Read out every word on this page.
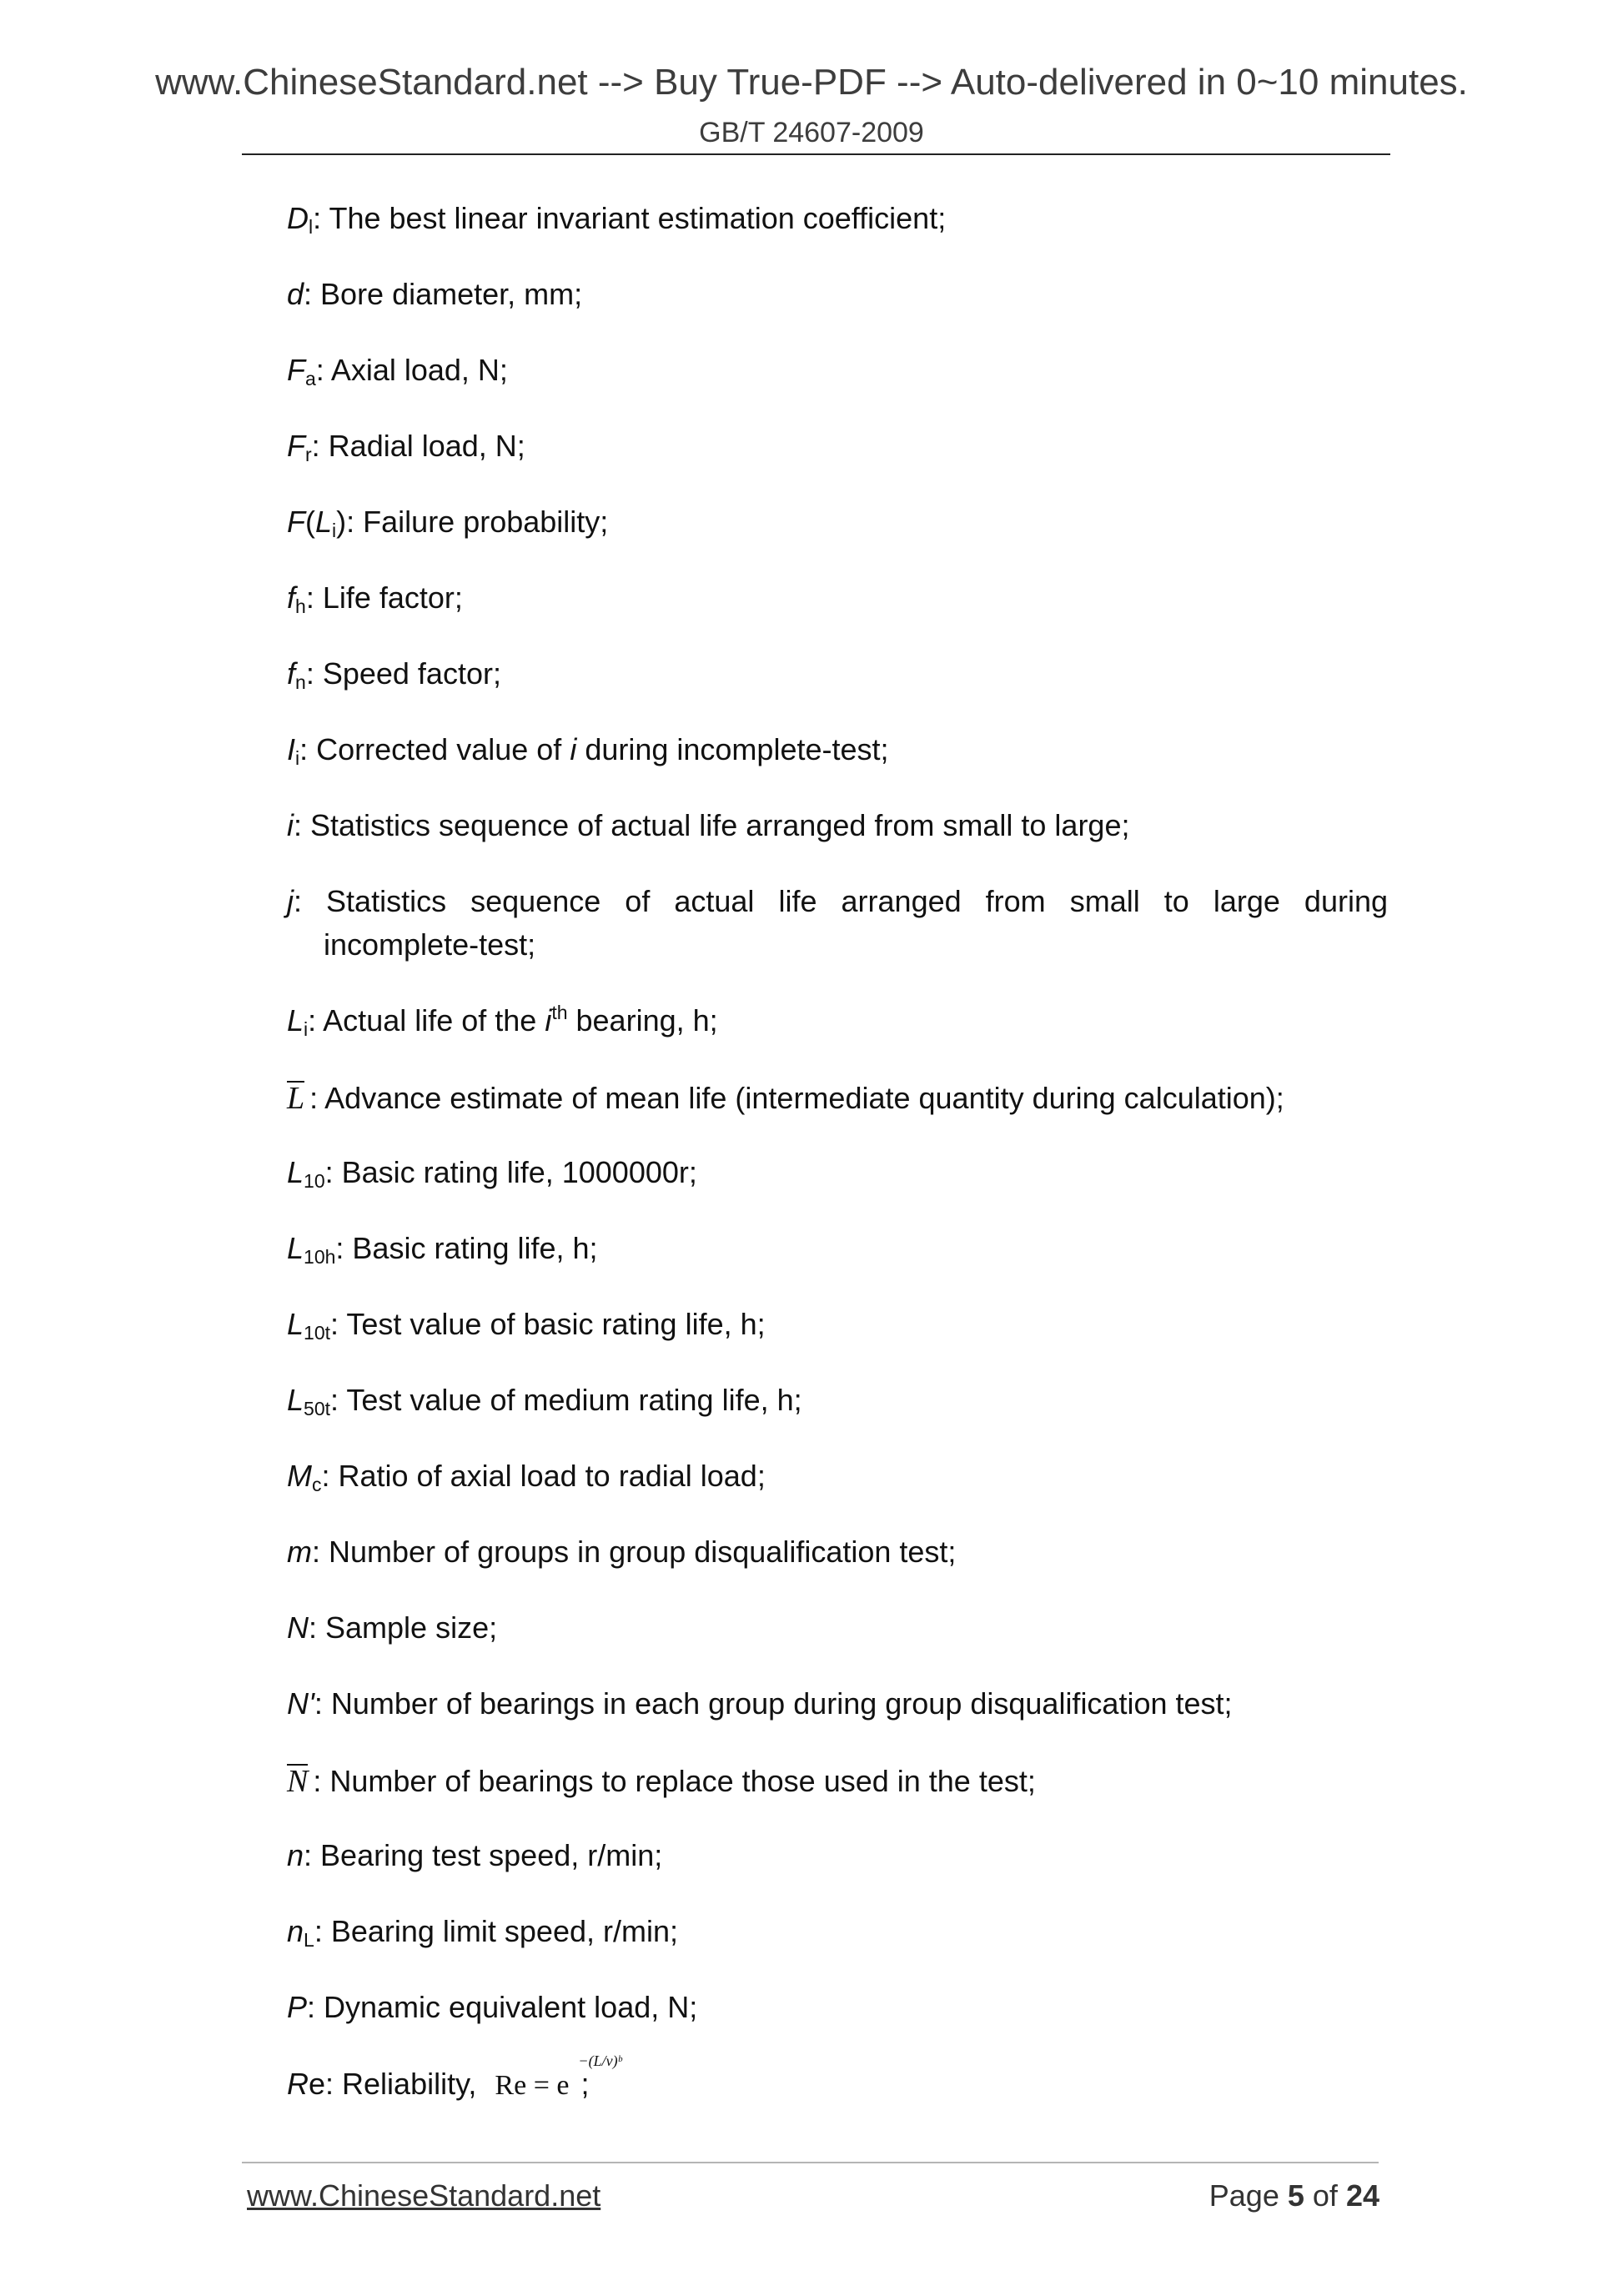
www.ChineseStandard.net --> Buy True-PDF --> Auto-delivered in 0~10 minutes.
GB/T 24607-2009
$D_l$: The best linear invariant estimation coefficient;
d: Bore diameter, mm;
$F_a$: Axial load, N;
$F_r$: Radial load, N;
$F(L_i)$: Failure probability;
$f_h$: Life factor;
$f_n$: Speed factor;
$I_i$: Corrected value of i during incomplete-test;
i: Statistics sequence of actual life arranged from small to large;
j: Statistics sequence of actual life arranged from small to large during
incomplete-test;
$L_i$: Actual life of the $i^{th}$ bearing, h;
L : Advance estimate of mean life (intermediate quantity during calculation);
$L_{10}$: Basic rating life, 1000000r;
$L_{10h}$: Basic rating life, h;
$L_{10t}$: Test value of basic rating life, h;
$L_{50t}$: Test value of medium rating life, h;
$M_c$: Ratio of axial load to radial load;
m: Number of groups in group disqualification test;
N: Sample size;
N': Number of bearings in each group during group disqualification test;
N : Number of bearings to replace those used in the test;
n: Bearing test speed, r/min;
$n_L$: Bearing limit speed, r/min;
P: Dynamic equivalent load, N;
Re: Reliability, Re = e
−(L/v)ᵇ
;
www.ChineseStandard.net	Page 5 of 24
